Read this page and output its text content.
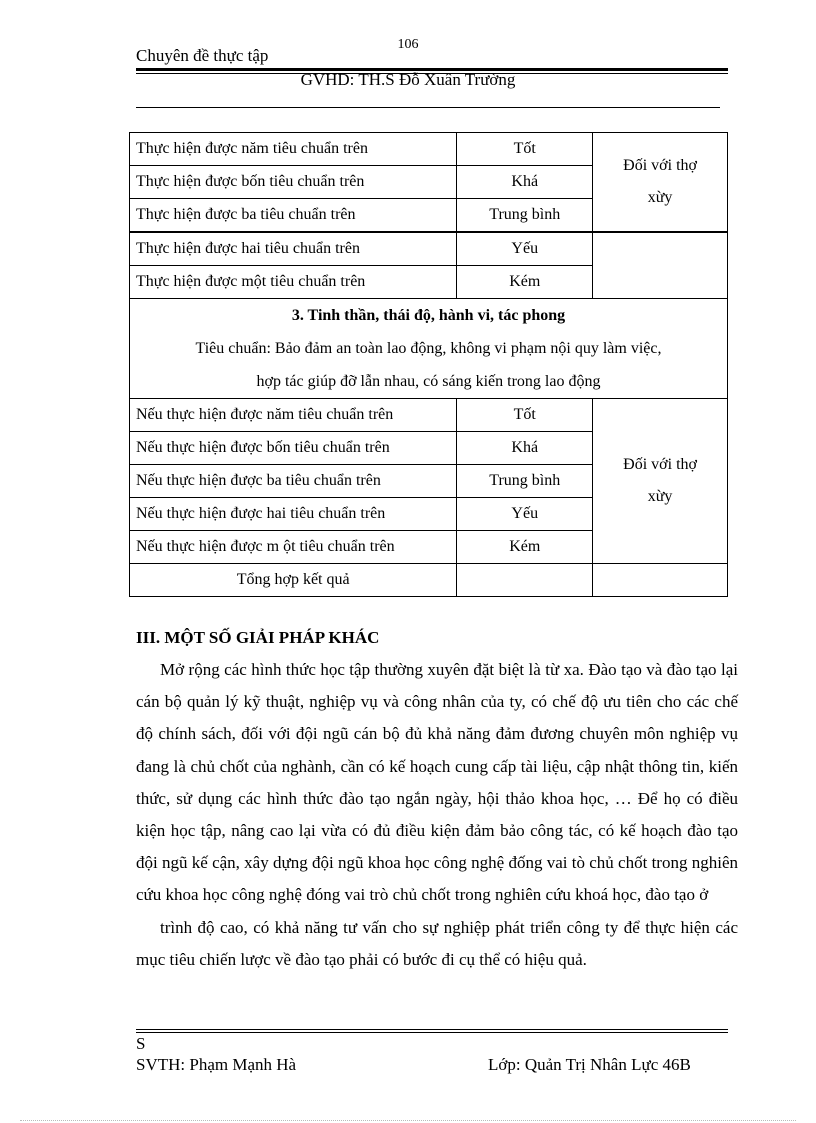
106
Chuyên đề thực tập
GVHD: TH.S Đỗ Xuân Trường
Thực hiện được năm tiêu chuẩn trên	Tốt	Đối với thợ xừy
Thực hiện được bốn tiêu chuẩn trên	Khá	
Thực hiện được ba tiêu chuẩn trên	Trung bình	
Thực hiện được hai tiêu chuẩn trên	Yếu	
Thực hiện được một tiêu chuẩn trên	Kém	

3. Tinh thần, thái độ, hành vi, tác phong
Tiêu chuẩn: Bảo đảm an toàn lao động, không vi phạm nội quy làm việc,
hợp tác giúp đỡ lẫn nhau, có sáng kiến trong lao động		

Nếu thực hiện được năm tiêu chuẩn trên	Tốt	Đối với thợ xừy
Nếu thực hiện được bốn tiêu chuẩn trên	Khá	
Nếu thực hiện được ba tiêu chuẩn trên	Trung bình	
Nếu thực hiện được hai tiêu chuẩn trên	Yếu	
Nếu thực hiện được m ột tiêu chuẩn trên	Kém	
Tổng hợp kết quả		
III. MỘT SỐ GIẢI PHÁP KHÁC

Mở rộng các hình thức học tập thường xuyên đặt biệt là từ xa. Đào tạo và đào tạo lại cán bộ quản lý kỹ thuật, nghiệp vụ và công nhân của ty, có chế độ ưu tiên cho các chế độ chính sách, đối với đội ngũ cán bộ đủ khả năng đảm đương chuyên môn nghiệp vụ đang là chủ chốt của nghành, cần có kế hoạch cung cấp tài liệu, cập nhật thông tin, kiến thức, sử dụng các hình thức đào tạo ngắn ngày, hội thảo khoa học, … Để họ có điều kiện học tập, nâng cao lại vừa có đủ điều kiện đảm bảo công tác, có kế hoạch đào tạo đội ngũ kế cận, xây dựng đội ngũ khoa học công nghệ đống vai tò chủ chốt trong nghiên cứu khoa học công nghệ đóng vai trò chủ chốt trong nghiên cứu khoá học, đào tạo ở

trình độ cao, có khả năng tư vấn cho sự nghiệp phát triển công ty để thực hiện các mục tiêu chiến lược về đào tạo phải có bước đi cụ thể có hiệu quả.

S
SVTH: Phạm Mạnh Hà	Lớp: Quản Trị Nhân Lực 46B
